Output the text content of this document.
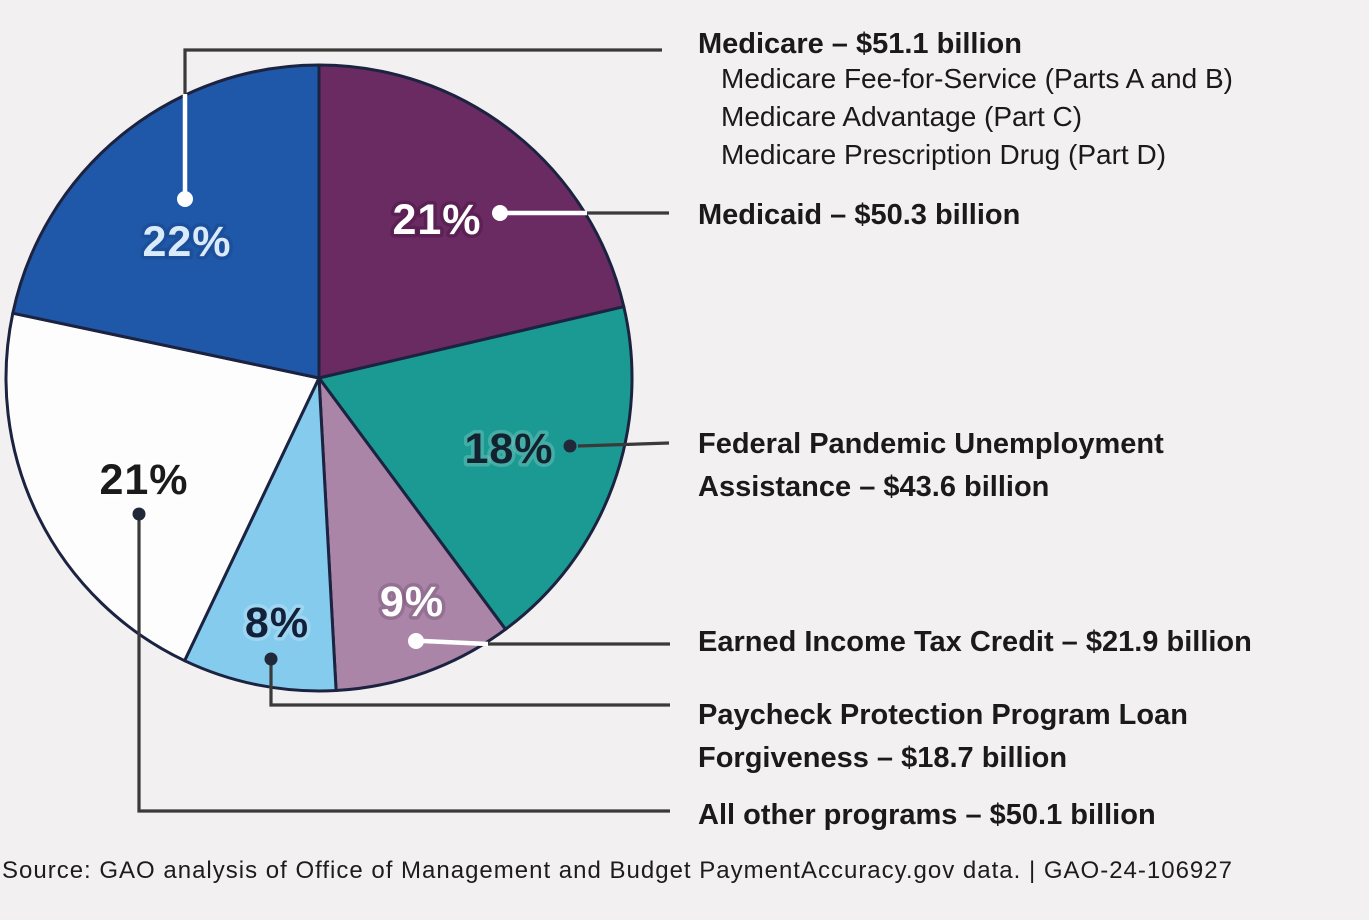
21%
18%
9%
8%
21%
22%
Medicare – $51.1 billion
Medicare Fee-for-Service (Parts A and B)
Medicare Advantage (Part C)
Medicare Prescription Drug (Part D)
Medicaid – $50.3 billion
Federal Pandemic Unemployment Assistance – $43.6 billion
Earned Income Tax Credit – $21.9 billion
Paycheck Protection Program Loan Forgiveness – $18.7 billion
All other programs – $50.1 billion
Source: GAO analysis of Office of Management and Budget PaymentAccuracy.gov data. | GAO-24-106927
